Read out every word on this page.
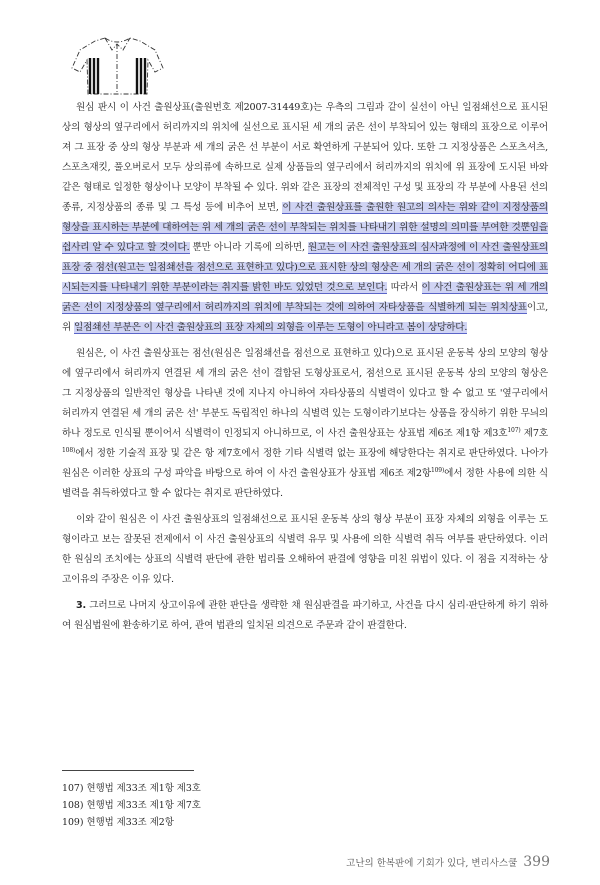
원심 판시 이 사건 출원상표(출원번호 제2007-31449호)는 우측의 그림과 같이 실선이 아닌 일점쇄선으로 표시된 상의 형상의 옆구리에서 허리까지의 위치에 실선으로 표시된 세 개의 굵은 선이 부착되어 있는 형태의 표장으로 이루어져 그 표장 중 상의 형상 부분과 세 개의 굵은 선 부분이 서로 확연하게 구분되어 있다. 또한 그 지정상품은 스포츠셔츠, 스포츠재킷, 풀오버로서 모두 상의류에 속하므로 실제 상품들의 옆구리에서 허리까지의 위치에 위 표장에 도시된 바와 같은 형태로 일정한 형상이나 모양이 부착될 수 있다. 위와 같은 표장의 전체적인 구성 및 표장의 각 부분에 사용된 선의 종류, 지정상품의 종류 및 그 특성 등에 비추어 보면, 이 사건 출원상표를 출원한 원고의 의사는 위와 같이 지정상품의 형상을 표시하는 부분에 대하여는 위 세 개의 굵은 선이 부착되는 위치를 나타내기 위한 설명의 의미를 부여한 것뿐임을 쉽사리 알 수 있다고 할 것이다. 뿐만 아니라 기록에 의하면, 원고는 이 사건 출원상표의 심사과정에 이 사건 출원상표의 표장 중 점선(원고는 일점쇄선을 점선으로 표현하고 있다)으로 표시한 상의 형상은 세 개의 굵은 선이 정확히 어디에 표시되는지를 나타내기 위한 부분이라는 취지를 밝힌 바도 있었던 것으로 보인다. 따라서 이 사건 출원상표는 위 세 개의 굵은 선이 지정상품의 옆구리에서 허리까지의 위치에 부착되는 것에 의하여 자타상품을 식별하게 되는 위치상표이고, 위 일점쇄선 부분은 이 사건 출원상표의 표장 자체의 외형을 이루는 도형이 아니라고 봄이 상당하다.

원심은, 이 사건 출원상표는 점선(원심은 일점쇄선을 점선으로 표현하고 있다)으로 표시된 운동복 상의 모양의 형상에 옆구리에서 허리까지 연결된 세 개의 굵은 선이 결합된 도형상표로서, 점선으로 표시된 운동복 상의 모양의 형상은 그 지정상품의 일반적인 형상을 나타낸 것에 지나지 아니하여 자타상품의 식별력이 있다고 할 수 없고 또 '옆구리에서 허리까지 연결된 세 개의 굵은 선' 부분도 독립적인 하나의 식별력 있는 도형이라기보다는 상품을 장식하기 위한 무늬의 하나 정도로 인식될 뿐이어서 식별력이 인정되지 아니하므로, 이 사건 출원상표는 상표법 제6조 제1항 제3호$^{107)}$ 제7호$^{108)}$에서 정한 기술적 표장 및 같은 항 제7호에서 정한 기타 식별력 없는 표장에 해당한다는 취지로 판단하였다. 나아가 원심은 이러한 상표의 구성 파악을 바탕으로 하여 이 사건 출원상표가 상표법 제6조 제2항$^{109)}$에서 정한 사용에 의한 식별력을 취득하였다고 할 수 없다는 취지로 판단하였다.

이와 같이 원심은 이 사건 출원상표의 일점쇄선으로 표시된 운동복 상의 형상 부분이 표장 자체의 외형을 이루는 도형이라고 보는 잘못된 전제에서 이 사건 출원상표의 식별력 유무 및 사용에 의한 식별력 취득 여부를 판단하였다. 이러한 원심의 조치에는 상표의 식별력 판단에 관한 법리를 오해하여 판결에 영향을 미친 위법이 있다. 이 점을 지적하는 상고이유의 주장은 이유 있다.

3. 그러므로 나머지 상고이유에 관한 판단을 생략한 채 원심판결을 파기하고, 사건을 다시 심리·판단하게 하기 위하여 원심법원에 환송하기로 하여, 관여 법관의 일치된 의견으로 주문과 같이 판결한다.

107) 현행법 제33조 제1항 제3호
108) 현행법 제33조 제1항 제7호
109) 현행법 제33조 제2항
고난의 한복판에 기회가 있다, 변리사스쿨 399
